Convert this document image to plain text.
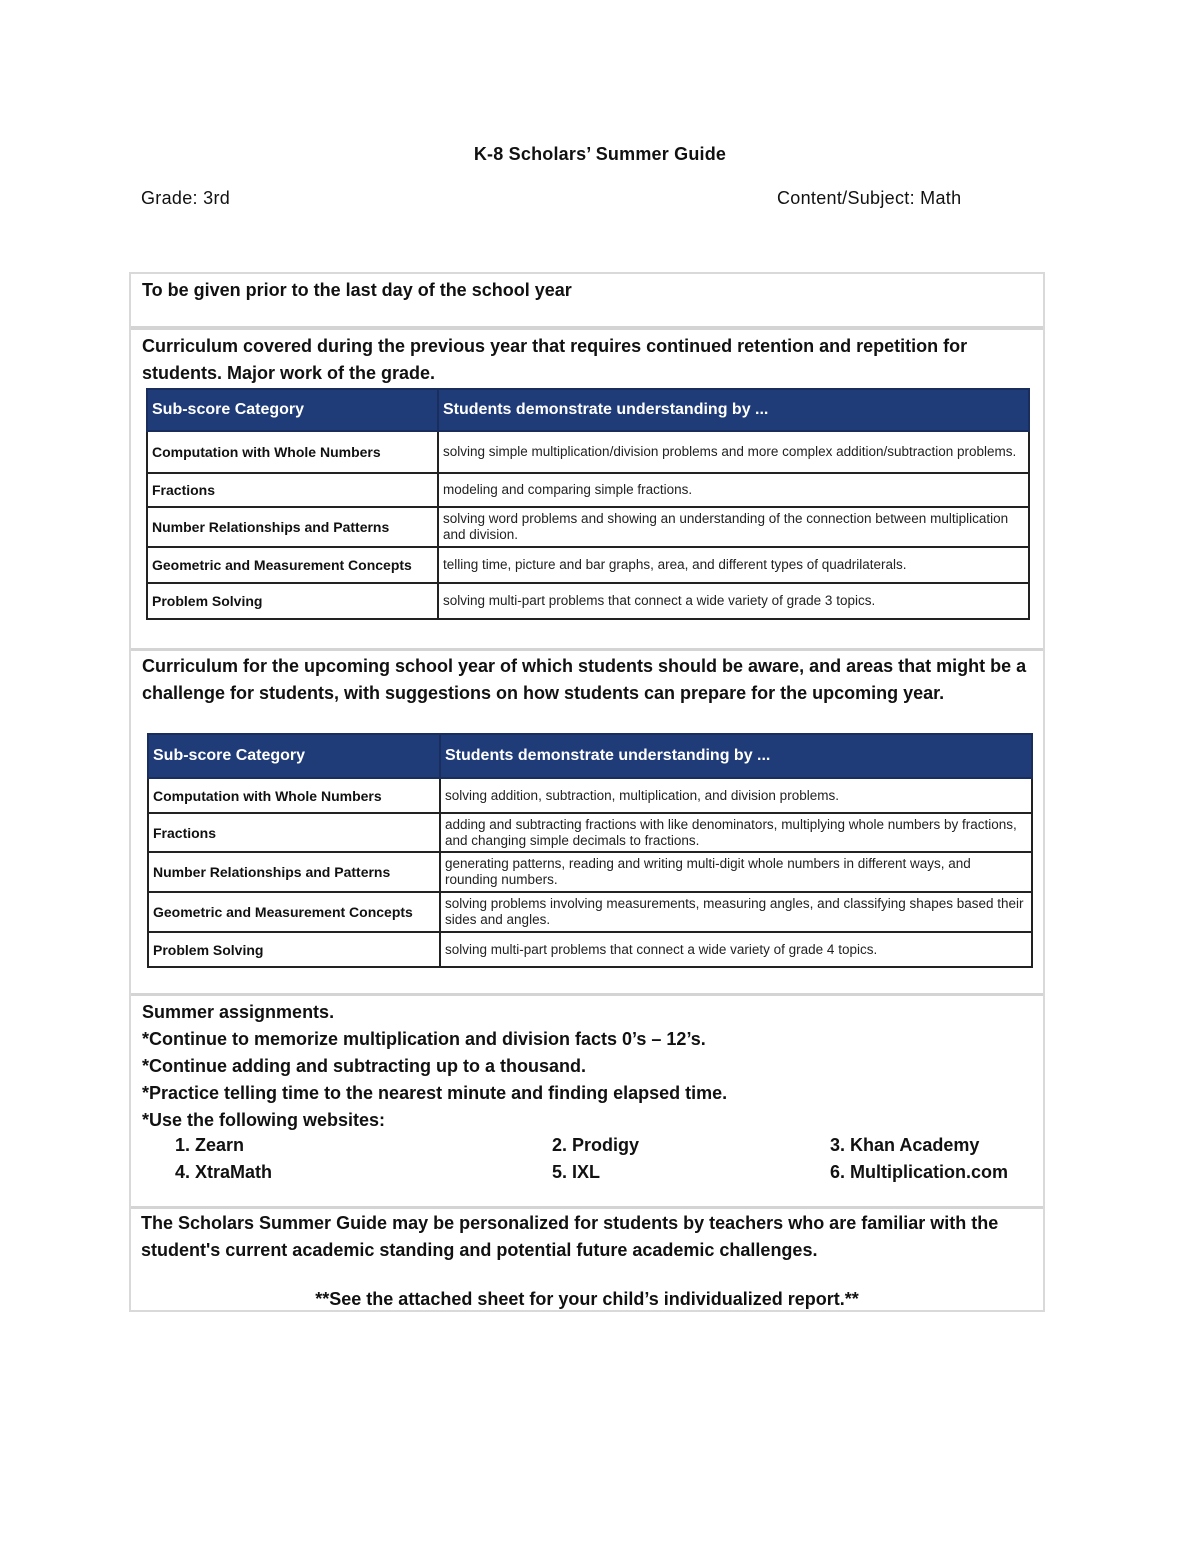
K-8 Scholars’ Summer Guide
Grade: 3rd	Content/Subject: Math
To be given prior to the last day of the school year
Curriculum covered during the previous year that requires continued retention and repetition for students. Major work of the grade.
Sub-score Category	Students demonstrate understanding by ...
Computation with Whole Numbers	solving simple multiplication/division problems and more complex addition/subtraction problems.
Fractions	modeling and comparing simple fractions.
Number Relationships and Patterns	solving word problems and showing an understanding of the connection between multiplication and division.
Geometric and Measurement Concepts	telling time, picture and bar graphs, area, and different types of quadrilaterals.
Problem Solving	solving multi-part problems that connect a wide variety of grade 3 topics.
Curriculum for the upcoming school year of which students should be aware, and areas that might be a challenge for students, with suggestions on how students can prepare for the upcoming year.
Sub-score Category	Students demonstrate understanding by ...
Computation with Whole Numbers	solving addition, subtraction, multiplication, and division problems.
Fractions	adding and subtracting fractions with like denominators, multiplying whole numbers by fractions, and changing simple decimals to fractions.
Number Relationships and Patterns	generating patterns, reading and writing multi-digit whole numbers in different ways, and rounding numbers.
Geometric and Measurement Concepts	solving problems involving measurements, measuring angles, and classifying shapes based their sides and angles.
Problem Solving	solving multi-part problems that connect a wide variety of grade 4 topics.
Summer assignments.
*Continue to memorize multiplication and division facts 0’s – 12’s.
*Continue adding and subtracting up to a thousand.
*Practice telling time to the nearest minute and finding elapsed time.
*Use the following websites:
1. Zearn	2. Prodigy	3. Khan Academy
4. XtraMath	5. IXL	6. Multiplication.com
The Scholars Summer Guide may be personalized for students by teachers who are familiar with the student's current academic standing and potential future academic challenges.
**See the attached sheet for your child’s individualized report.**
